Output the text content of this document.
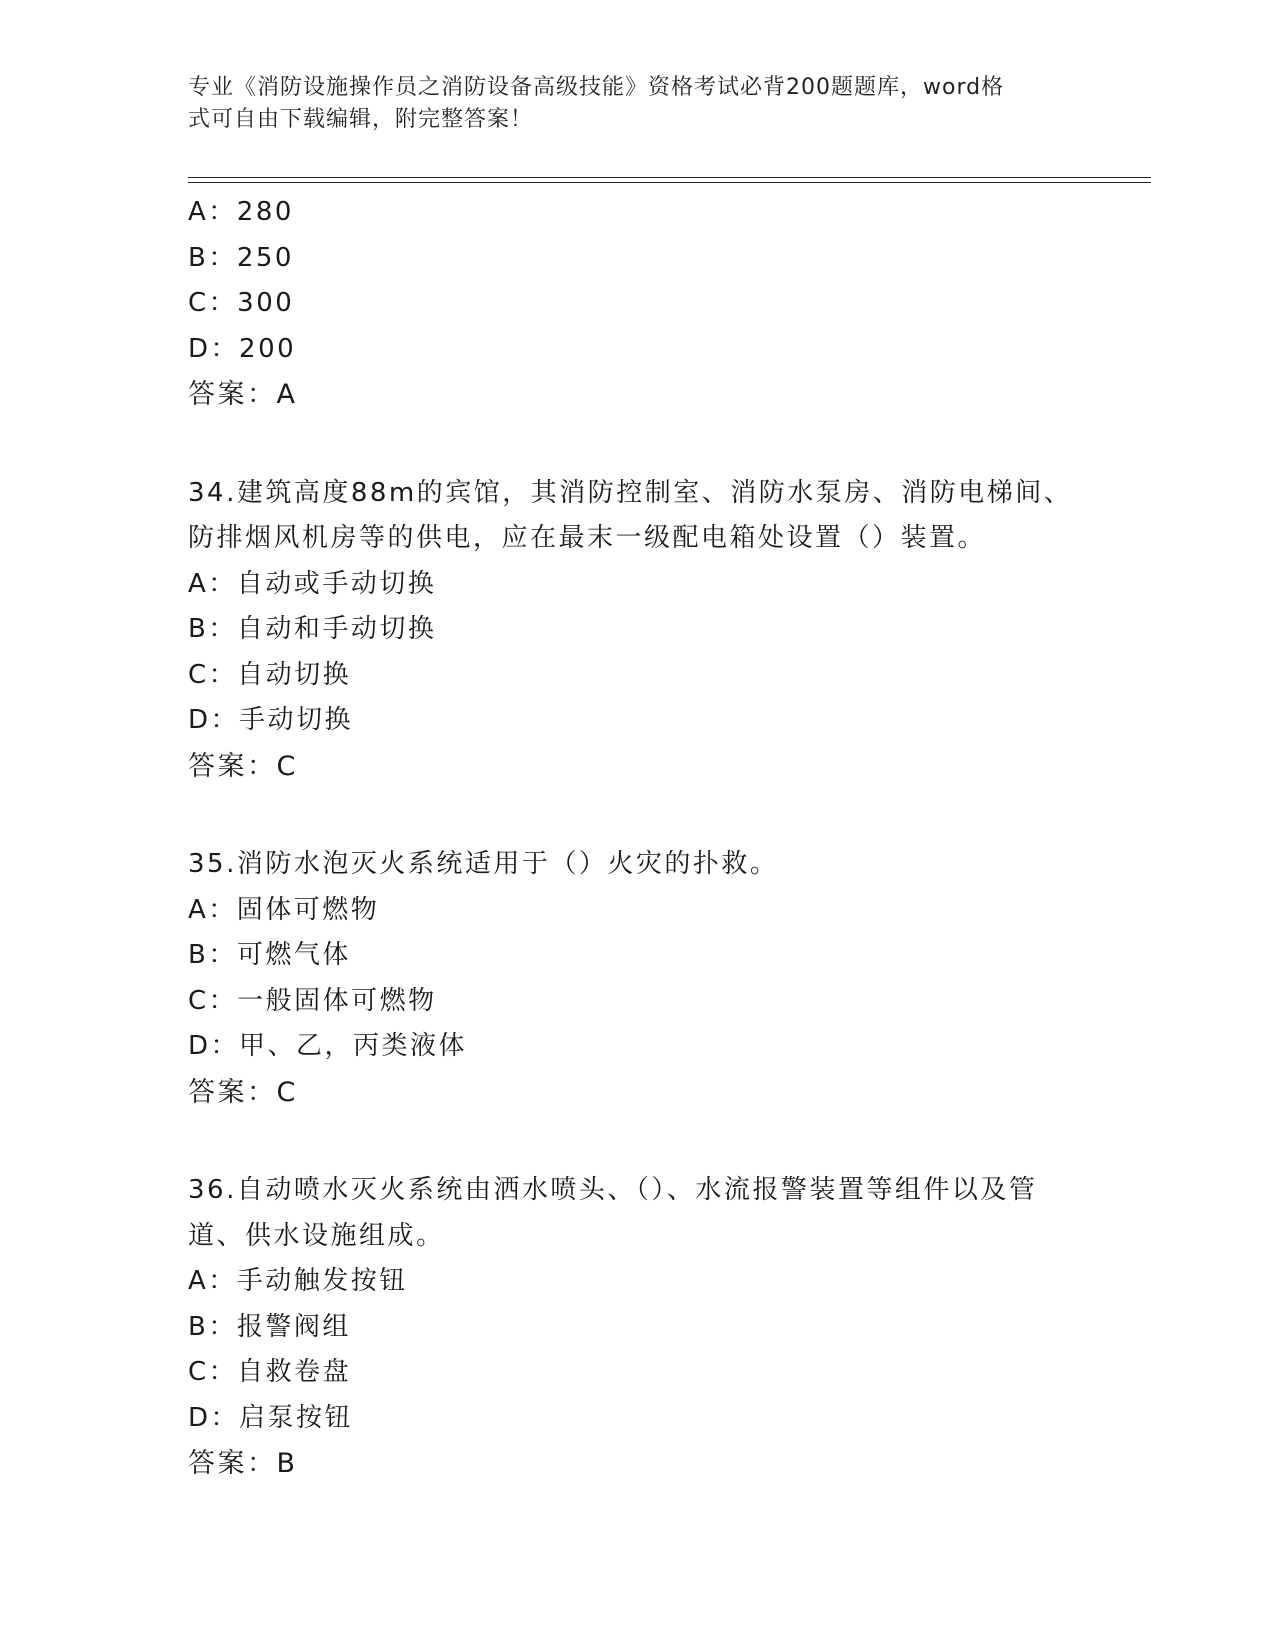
专业《消防设施操作员之消防设备高级技能》资格考试必背200题题库，word格
式可自由下载编辑，附完整答案！
A：280
B：250
C：300
D：200
答案：A
34.建筑高度88m的宾馆，其消防控制室、消防水泵房、消防电梯间、
防排烟风机房等的供电，应在最末一级配电箱处设置（）装置。
A：自动或手动切换
B：自动和手动切换
C：自动切换
D：手动切换
答案：C
35.消防水泡灭火系统适用于（）火灾的扑救。
A：固体可燃物
B：可燃气体
C：一般固体可燃物
D：甲、乙，丙类液体
答案：C
36.自动喷水灭火系统由洒水喷头、（）、水流报警装置等组件以及管
道、供水设施组成。
A：手动触发按钮
B：报警阀组
C：自救卷盘
D：启泵按钮
答案：B
